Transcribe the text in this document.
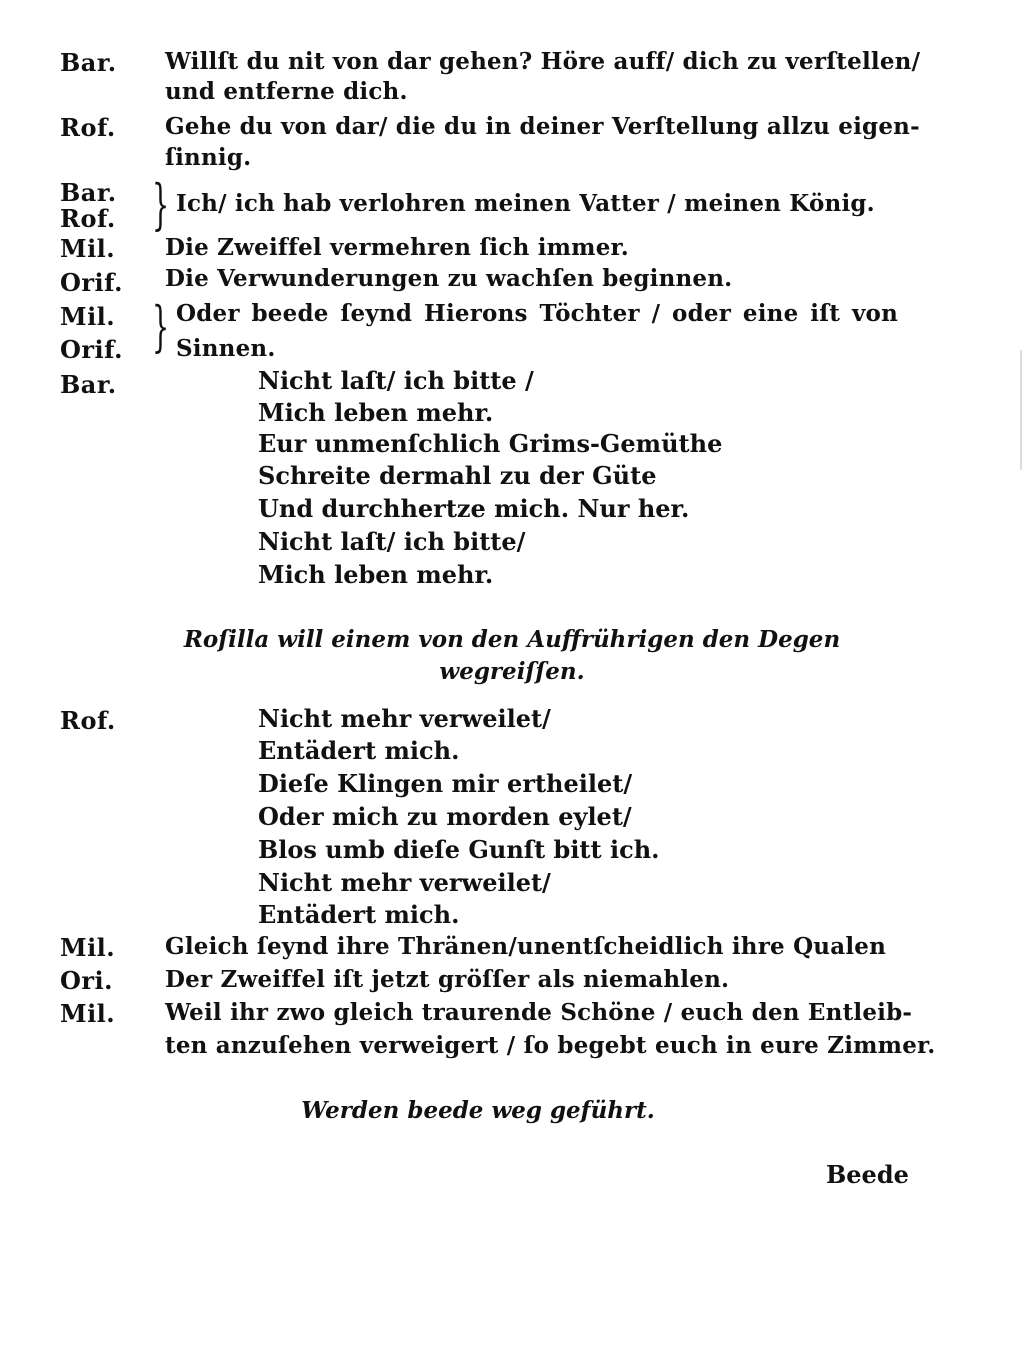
Bar. Willſt du nit von dar gehen? Höre auff/ dich zu verſtellen/
und entferne dich.
Rof. Gehe du von dar/ die du in deiner Verſtellung allzu eigen-
ſinnig.
Bar.
Rof. } Ich/ ich hab verlohren meinen Vatter / meinen König.
Mil. Die Zweiffel vermehren ſich immer.
Orif. Die Verwunderungen zu wachſen beginnen.
Mil.
Orif. } Oder beede ſeynd Hierons Töchter / oder eine iſt von
Sinnen.
Bar.	Nicht laſt/ ich bitte /
Mich leben mehr.
Eur unmenſchlich Grims-Gemüthe
Schreite dermahl zu der Güte
Und durchhertze mich. Nur her.
Nicht laſt/ ich bitte/
Mich leben mehr.
Roſilla will einem von den Auffrührigen den Degen
wegreiſſen.
Rof.	Nicht mehr verweilet/
Entädert mich.
Dieſe Klingen mir ertheilet/
Oder mich zu morden eylet/
Blos umb dieſe Gunſt bitt ich.
Nicht mehr verweilet/
Entädert mich.
Mil. Gleich ſeynd ihre Thränen/unentſcheidlich ihre Qualen
Ori. Der Zweiffel iſt jetzt gröſſer als niemahlen.
Mil. Weil ihr zwo gleich traurende Schöne / euch den Entleib-
ten anzuſehen verweigert / ſo begebt euch in eure Zimmer.
Werden beede weg geführt.
Beede
